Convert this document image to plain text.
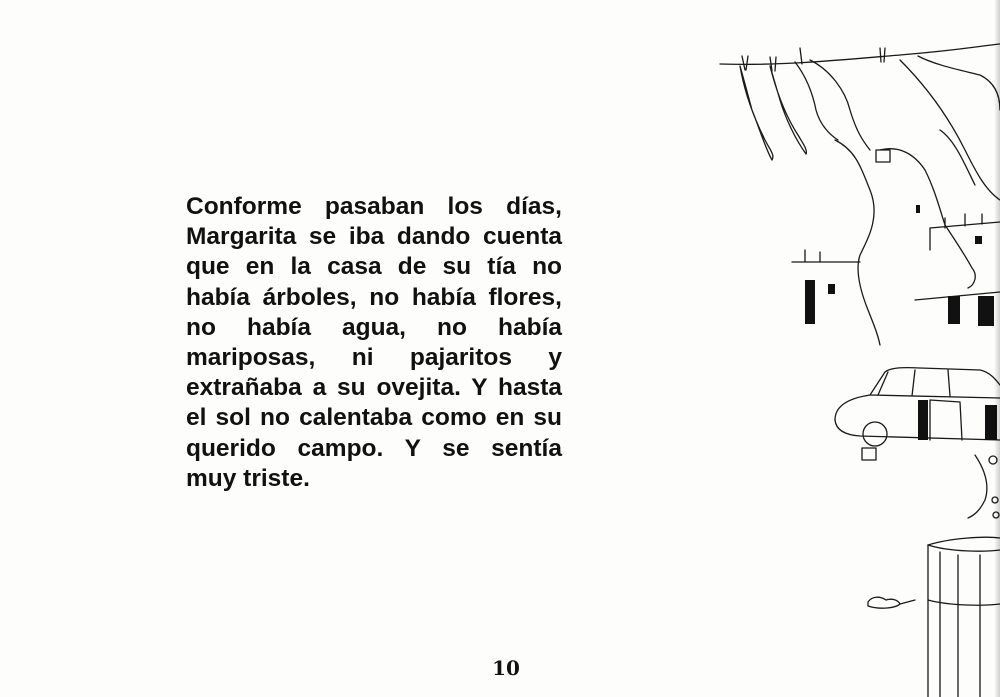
Conforme pasaban los días,
Margarita se iba dando cuenta
que en la casa de su tía no
había árboles, no había flores,
no había agua, no había
mariposas, ni pajaritos y
extrañaba a su ovejita. Y hasta
el sol no calentaba como en su
querido campo. Y se sentía
muy triste.

10
